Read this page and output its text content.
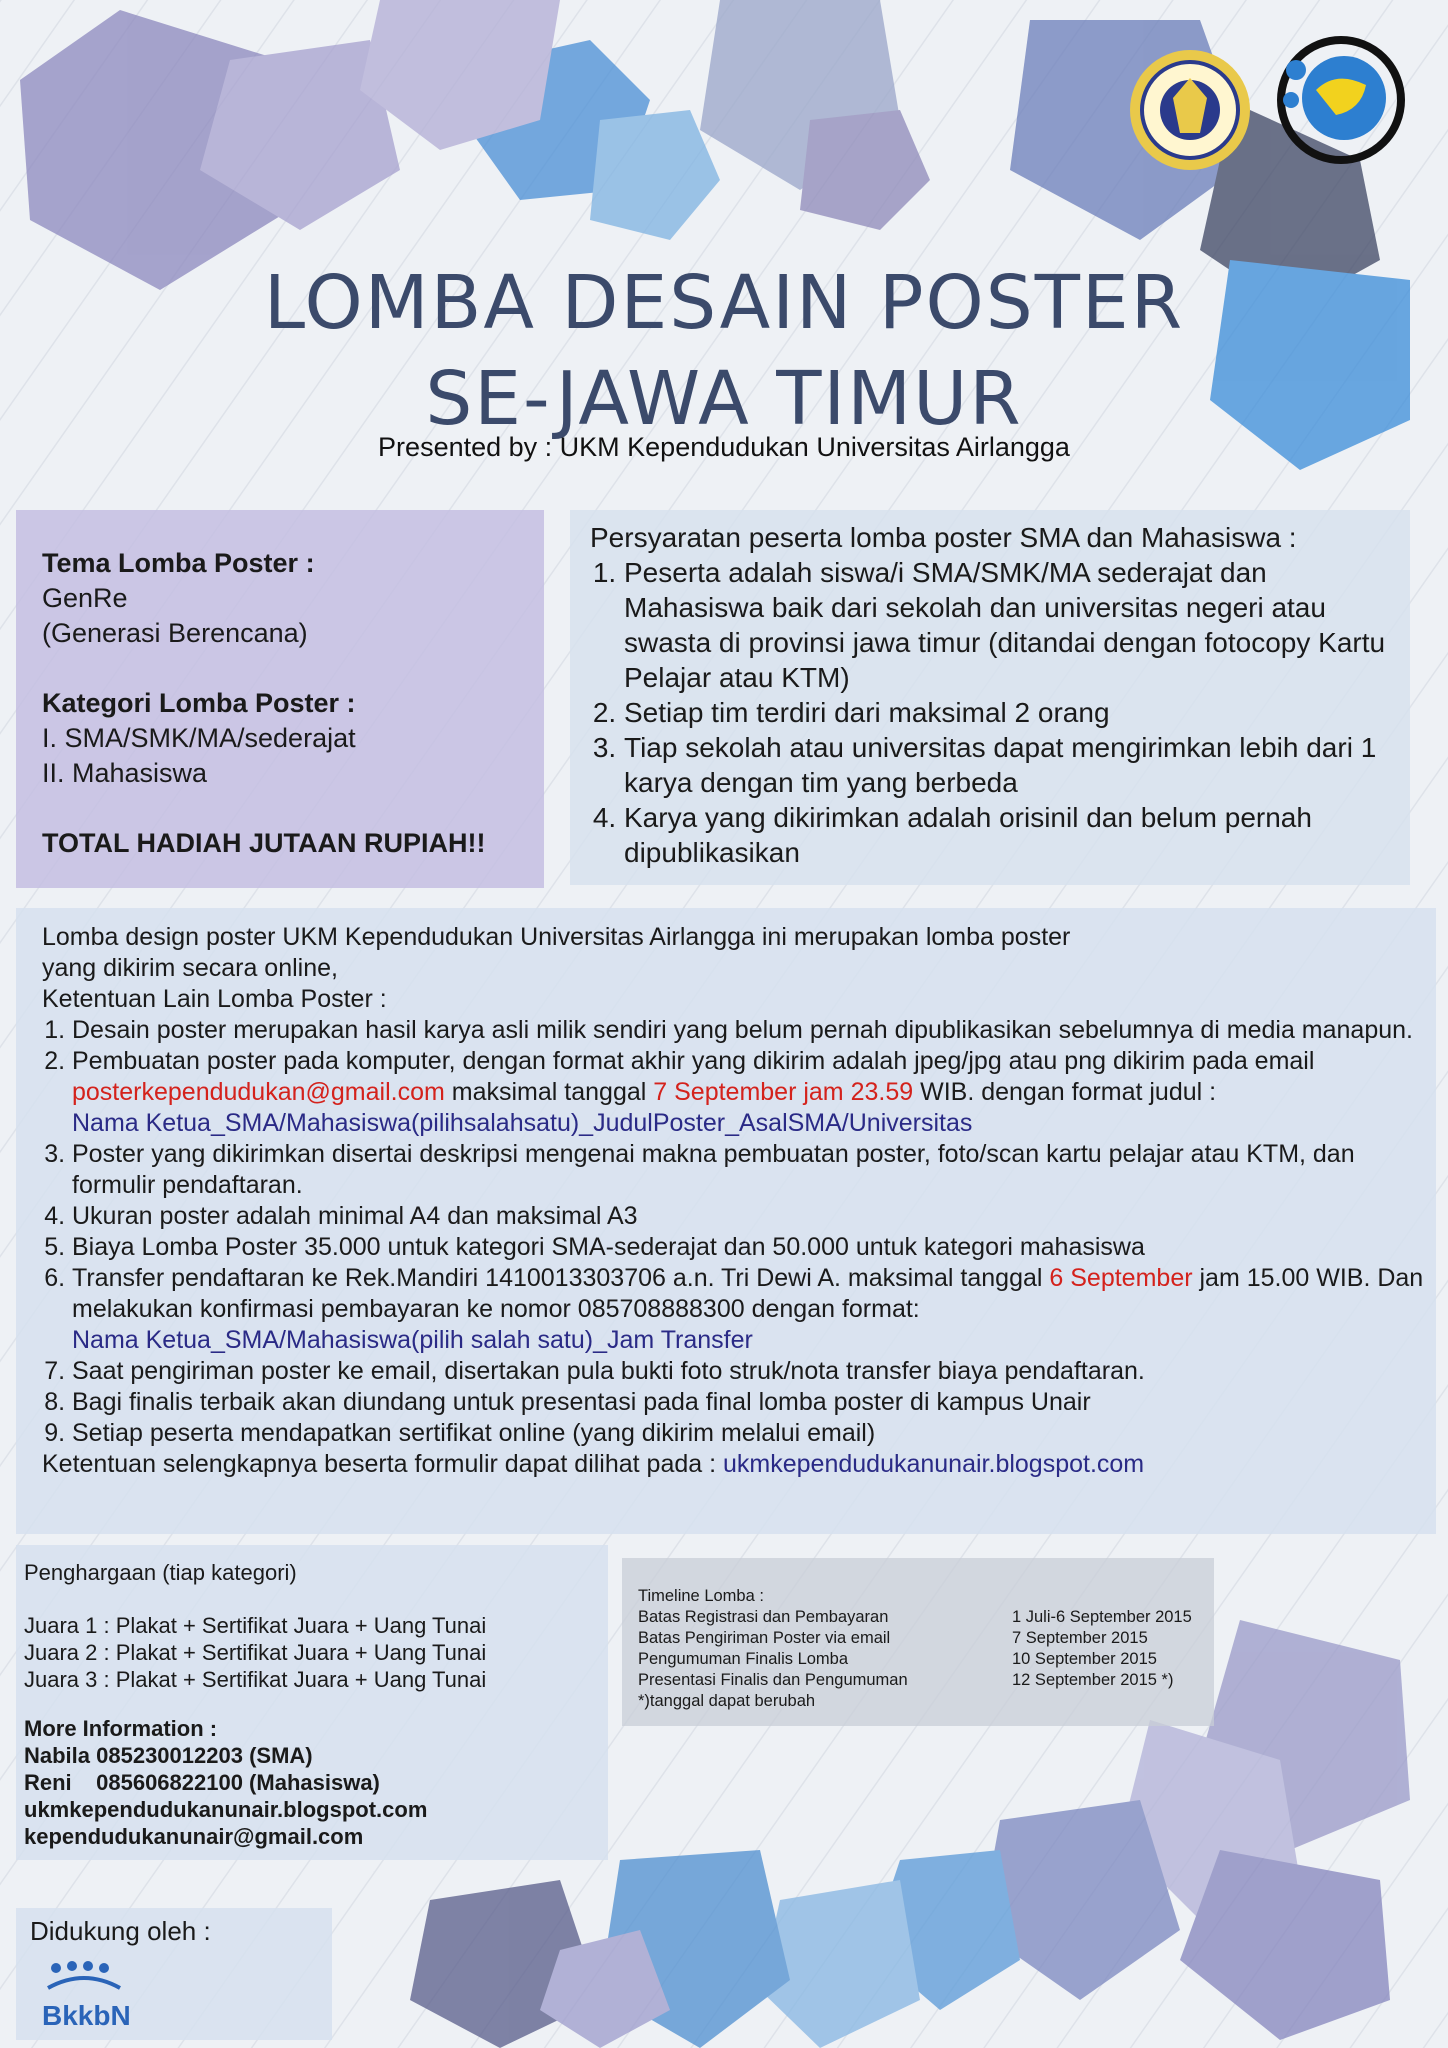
LOMBA DESAIN POSTER
SE-JAWA TIMUR
Presented by : UKM Kependudukan Universitas Airlangga
Tema Lomba Poster :
GenRe
(Generasi Berencana)
Kategori Lomba Poster :
I. SMA/SMK/MA/sederajat
II. Mahasiswa
TOTAL HADIAH JUTAAN RUPIAH!!
Persyaratan peserta lomba poster SMA dan Mahasiswa :
1. Peserta adalah siswa/i SMA/SMK/MA sederajat dan Mahasiswa baik dari sekolah dan universitas negeri atau swasta di provinsi jawa timur (ditandai dengan fotocopy Kartu Pelajar atau KTM)
2. Setiap tim terdiri dari maksimal 2 orang
3. Tiap sekolah atau universitas dapat mengirimkan lebih dari 1 karya dengan tim yang berbeda
4. Karya yang dikirimkan adalah orisinil dan belum pernah dipublikasikan

Lomba design poster UKM Kependudukan Universitas Airlangga ini merupakan lomba poster

yang dikirim secara online,

Ketentuan Lain Lomba Poster :

1. Desain poster merupakan hasil karya asli milik sendiri yang belum pernah dipublikasikan sebelumnya di media manapun.
2. Pembuatan poster pada komputer, dengan format akhir yang dikirim adalah jpeg/jpg atau png dikirim pada email posterkependudukan@gmail.com maksimal tanggal 7 September jam 23.59 WIB. dengan format judul :
Nama Ketua_SMA/Mahasiswa(pilihsalahsatu)_JudulPoster_AsalSMA/Universitas
3. Poster yang dikirimkan disertai deskripsi mengenai makna pembuatan poster, foto/scan kartu pelajar atau KTM, dan formulir pendaftaran.
4. Ukuran poster adalah minimal A4 dan maksimal A3
5. Biaya Lomba Poster 35.000 untuk kategori SMA-sederajat dan 50.000 untuk kategori mahasiswa
6. Transfer pendaftaran ke Rek.Mandiri 1410013303706 a.n. Tri Dewi A. maksimal tanggal 6 September jam 15.00 WIB. Dan melakukan konfirmasi pembayaran ke nomor 085708888300 dengan format:
Nama Ketua_SMA/Mahasiswa(pilih salah satu)_Jam Transfer
7. Saat pengiriman poster ke email, disertakan pula bukti foto struk/nota transfer biaya pendaftaran.
8. Bagi finalis terbaik akan diundang untuk presentasi pada final lomba poster di kampus Unair
9. Setiap peserta mendapatkan sertifikat online (yang dikirim melalui email)

Ketentuan selengkapnya beserta formulir dapat dilihat pada : ukmkependudukanunair.blogspot.com

Penghargaan (tiap kategori)

Juara 1 : Plakat + Sertifikat Juara + Uang Tunai

Juara 2 : Plakat + Sertifikat Juara + Uang Tunai

Juara 3 : Plakat + Sertifikat Juara + Uang Tunai

More Information :

Nabila 085230012203 (SMA)

Reni    085606822100 (Mahasiswa)

ukmkependudukanunair.blogspot.com

kependudukanunair@gmail.com

Timeline Lomba :
Batas Registrasi dan Pembayaran	1 Juli-6 September 2015
Batas Pengiriman Poster via email	7 September 2015
Pengumuman Finalis Lomba	10 September 2015
Presentasi Finalis dan Pengumuman	12 September 2015 *)
*)tanggal dapat berubah
Didukung oleh :
BkkbN
